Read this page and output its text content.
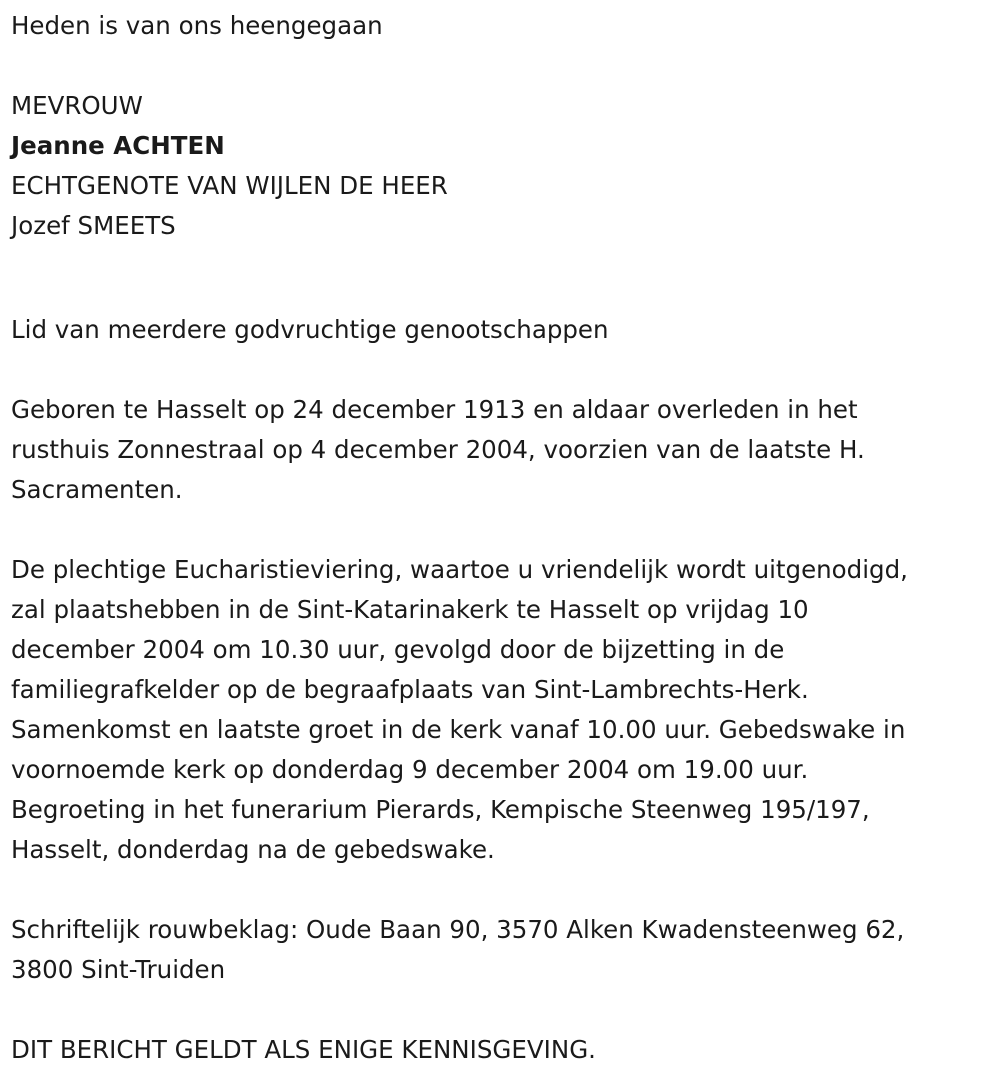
Heden is van ons heengegaan
MEVROUW
Jeanne ACHTEN
ECHTGENOTE VAN WIJLEN DE HEER
Jozef SMEETS
Lid van meerdere godvruchtige genootschappen
Geboren te Hasselt op 24 december 1913 en aldaar overleden in het
rusthuis Zonnestraal op 4 december 2004, voorzien van de laatste H.
Sacramenten.
De plechtige Eucharistieviering, waartoe u vriendelijk wordt uitgenodigd,
zal plaatshebben in de Sint-Katarinakerk te Hasselt op vrijdag 10
december 2004 om 10.30 uur, gevolgd door de bijzetting in de
familiegrafkelder op de begraafplaats van Sint-Lambrechts-Herk.
Samenkomst en laatste groet in de kerk vanaf 10.00 uur. Gebedswake in
voornoemde kerk op donderdag 9 december 2004 om 19.00 uur.
Begroeting in het funerarium Pierards, Kempische Steenweg 195/197,
Hasselt, donderdag na de gebedswake.
Schriftelijk rouwbeklag: Oude Baan 90, 3570 Alken Kwadensteenweg 62,
3800 Sint-Truiden
DIT BERICHT GELDT ALS ENIGE KENNISGEVING.
